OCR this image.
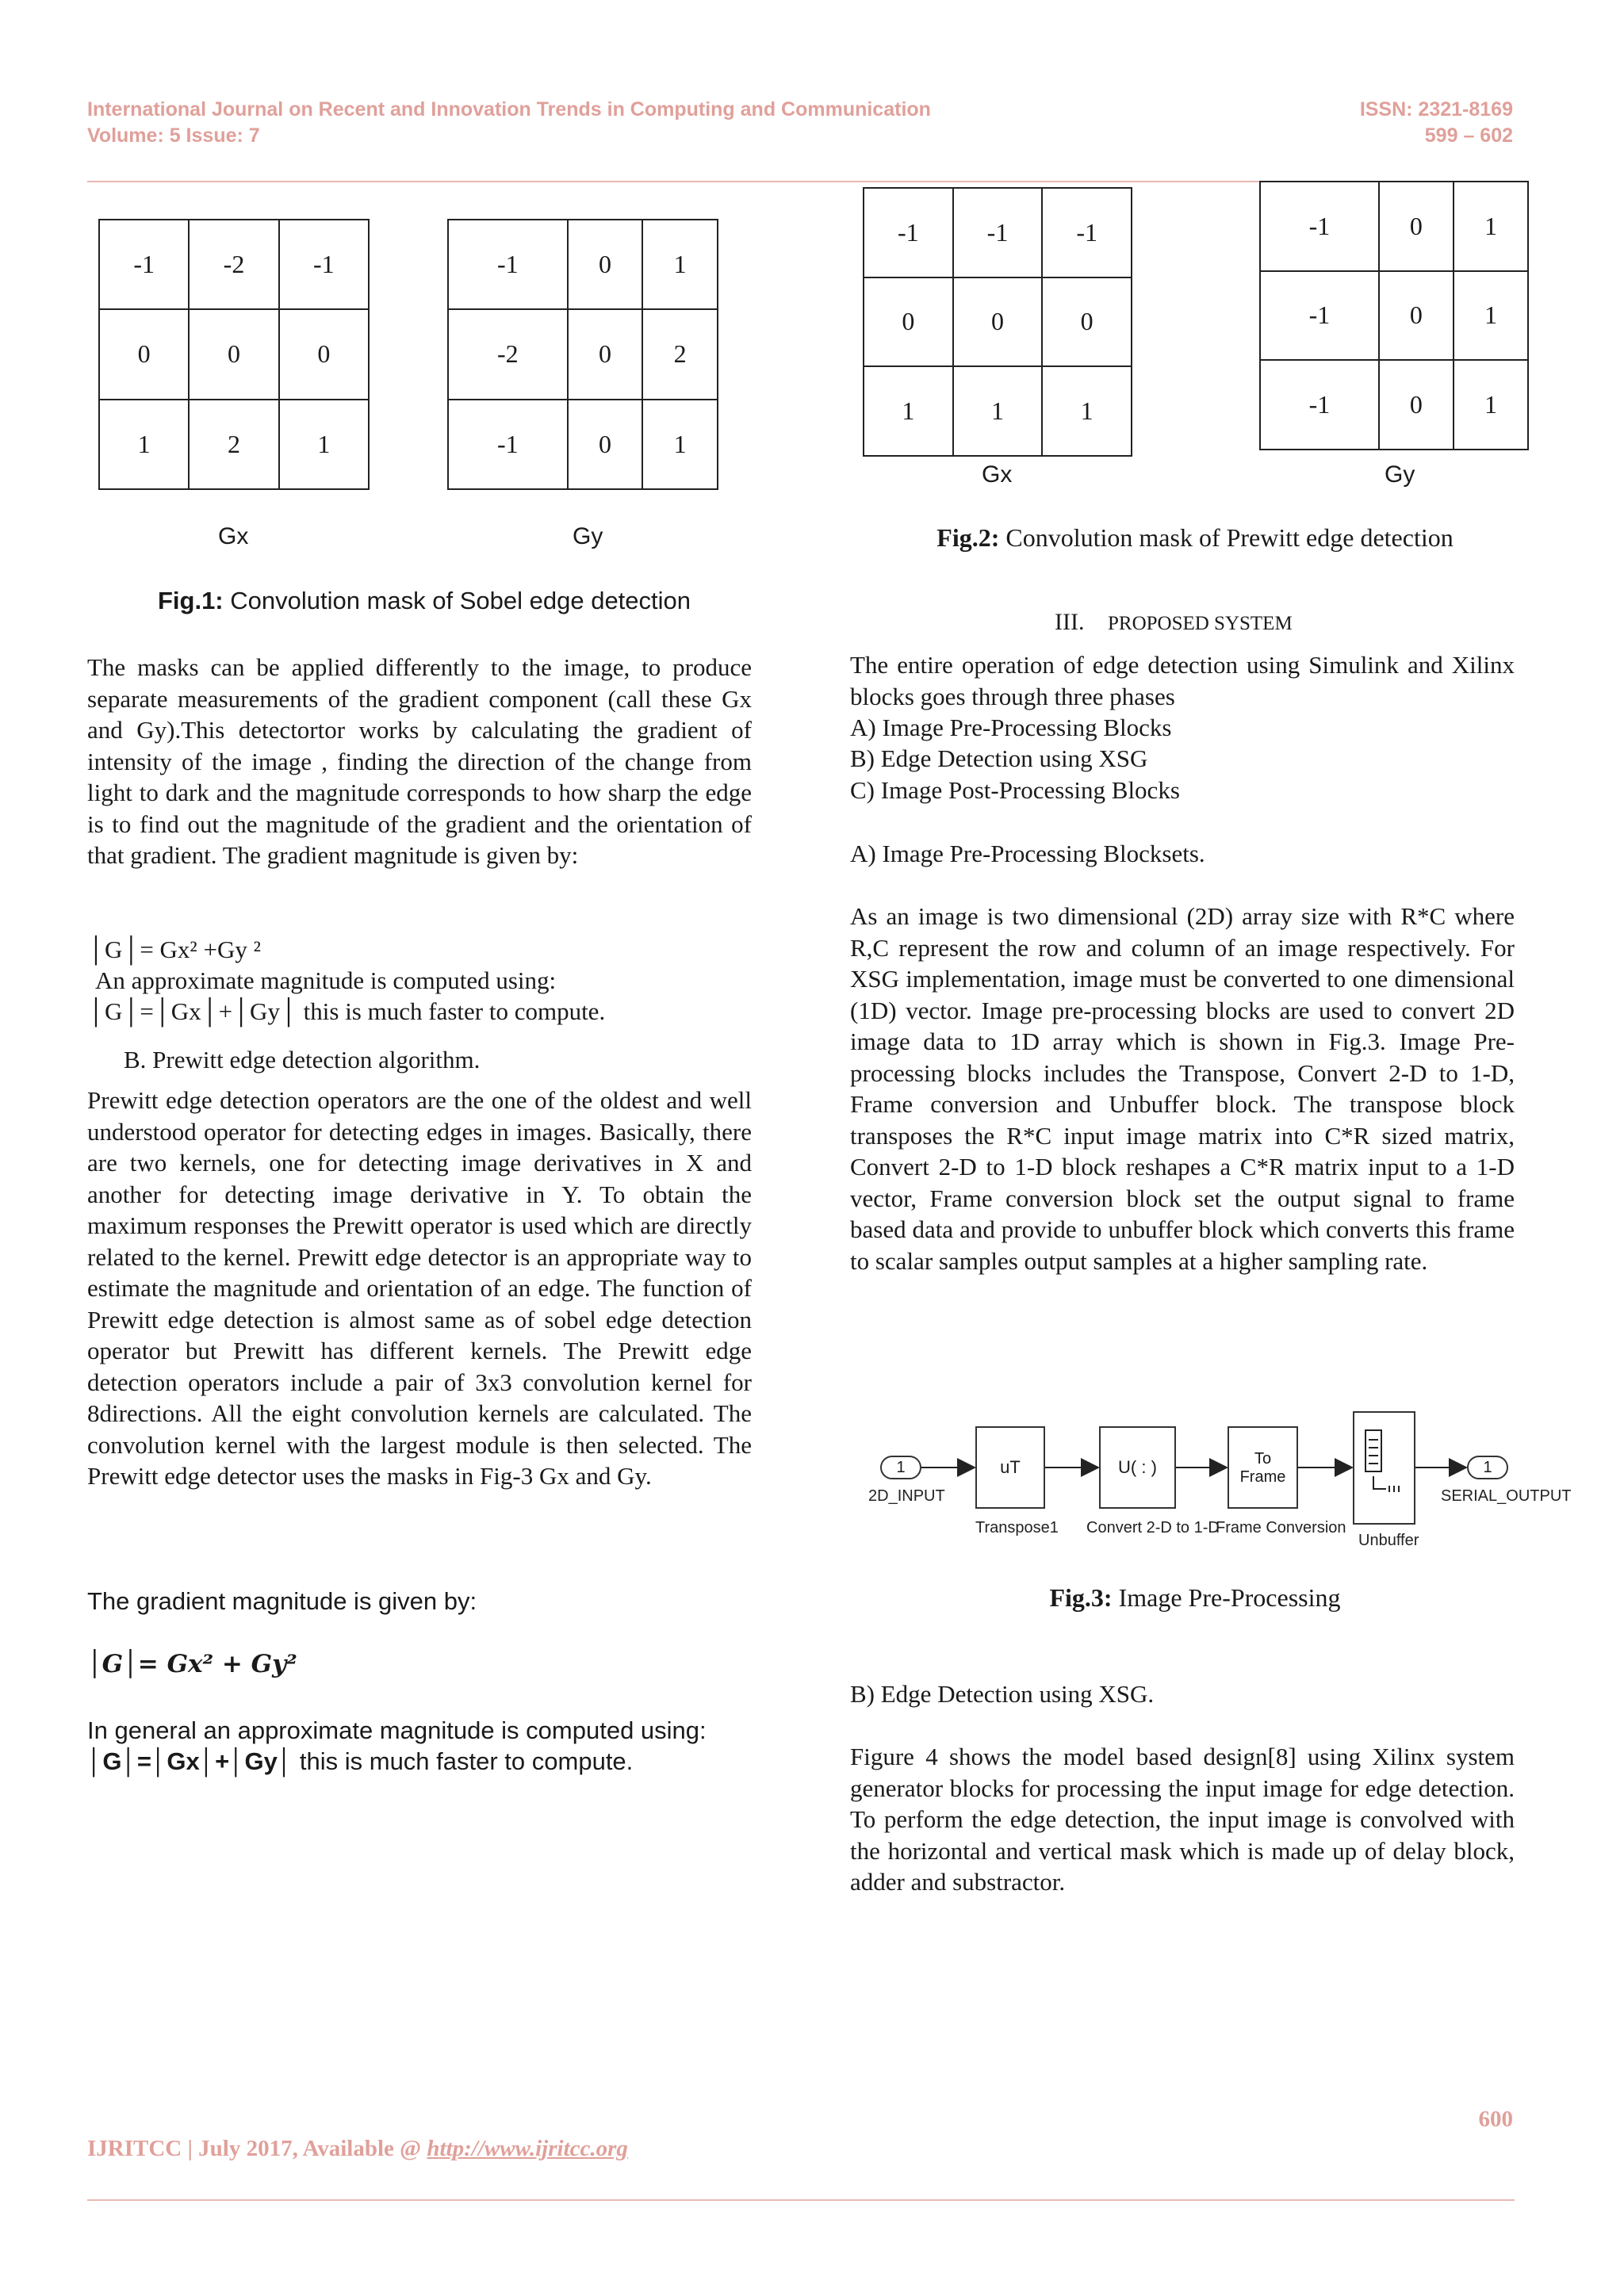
International Journal on Recent and Innovation Trends in Computing and Communication
Volume: 5 Issue: 7
ISSN: 2321-8169
599 – 602
-1	-2	-1
0	0	0
1	2	1
-1	0	1
-2	0	2
-1	0	1
Gx	Gy
Fig.1: Convolution mask of Sobel edge detection
-1	-1	-1
0	0	0
1	1	1
-1	0	1
-1	0	1
-1	0	1
Gx	Gy
Fig.2: Convolution mask of Prewitt edge detection
The masks can be applied differently to the image, to produce separate measurements of the gradient component (call these Gx and Gy).This detectortor works by calculating the gradient of intensity of the image , finding the direction of the change from light to dark and the magnitude corresponds to how sharp the edge is to find out the magnitude of the gradient and the orientation of that gradient. The gradient magnitude is given by:
│G│= Gx² +Gy ²
An approximate magnitude is computed using:
│G│=│Gx│+│Gy│ this is much faster to compute.
B. Prewitt edge detection algorithm.
Prewitt edge detection operators are the one of the oldest and well understood operator for detecting edges in images. Basically, there are two kernels, one for detecting image derivatives in X and another for detecting image derivative in Y. To obtain the maximum responses the Prewitt operator is used which are directly related to the kernel. Prewitt edge detector is an appropriate way to estimate the magnitude and orientation of an edge. The function of Prewitt edge detection is almost same as of sobel edge detection operator but Prewitt has different kernels. The Prewitt edge detection operators include a pair of 3x3 convolution kernel for 8directions. All the eight convolution kernels are calculated. The convolution kernel with the largest module is then selected. The Prewitt edge detector uses the masks in Fig-3 Gx and Gy.
The gradient magnitude is given by:
│G│= Gx² + Gy²
In general an approximate magnitude is computed using:
│G│=│Gx│+│Gy│ this is much faster to compute.
III. PROPOSED SYSTEM
The entire operation of edge detection using Simulink and Xilinx blocks goes through three phases
A) Image Pre-Processing Blocks
B) Edge Detection using XSG
C) Image Post-Processing Blocks
A) Image Pre-Processing Blocksets.
As an image is two dimensional (2D) array size with R*C where R,C represent the row and column of an image respectively. For XSG implementation, image must be converted to one dimensional (1D) vector. Image pre-processing blocks are used to convert 2D image data to 1D array which is shown in Fig.3. Image Pre-processing blocks includes the Transpose, Convert 2-D to 1-D, Frame conversion and Unbuffer block. The transpose block transposes the R*C input image matrix into C*R sized matrix, Convert 2-D to 1-D block reshapes a C*R matrix input to a 1-D vector, Frame conversion block set the output signal to frame based data and provide to unbuffer block which converts this frame to scalar samples output samples at a higher sampling rate.
1
2D_INPUT
uT
Transpose1
U( : )
Convert 2-D to 1-D
To
Frame
Frame Conversion
Unbuffer
1
SERIAL_OUTPUT
Fig.3: Image Pre-Processing
B) Edge Detection using XSG.
Figure 4 shows the model based design[8] using Xilinx system generator blocks for processing the input image for edge detection. To perform the edge detection, the input image is convolved with the horizontal and vertical mask which is made up of delay block, adder and substractor.
600
IJRITCC | July 2017, Available @ http://www.ijritcc.org
